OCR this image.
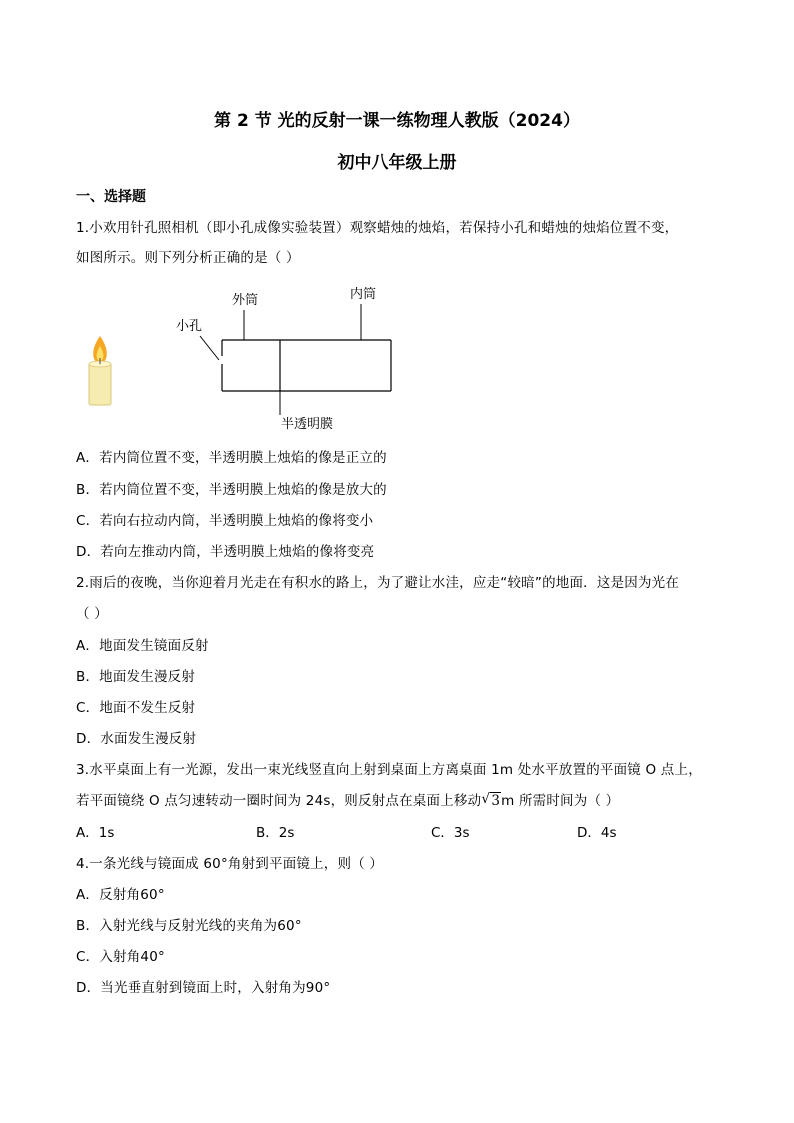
第 2 节 光的反射一课一练物理人教版（2024）
初中八年级上册
一、选择题
1.小欢用针孔照相机（即小孔成像实验装置）观察蜡烛的烛焰，若保持小孔和蜡烛的烛焰位置不变，
如图所示。则下列分析正确的是（ ）
外筒	内筒
小孔
半透明膜
A．若内筒位置不变，半透明膜上烛焰的像是正立的
B．若内筒位置不变，半透明膜上烛焰的像是放大的
C．若向右拉动内筒，半透明膜上烛焰的像将变小
D．若向左推动内筒，半透明膜上烛焰的像将变亮
2.雨后的夜晚，当你迎着月光走在有积水的路上，为了避让水洼，应走“较暗”的地面．这是因为光在
（ ）
A．地面发生镜面反射
B．地面发生漫反射
C．地面不发生反射
D．水面发生漫反射
3.水平桌面上有一光源，发出一束光线竖直向上射到桌面上方离桌面 1m 处水平放置的平面镜 O 点上，
若平面镜绕 O 点匀速转动一圈时间为 24s，则反射点在桌面上移动 √ 3m 所需时间为（ ）
A．1s	B．2s	C．3s	D．4s
4.一条光线与镜面成 60°角射到平面镜上，则（ ）
A．反射角60°
B．入射光线与反射光线的夹角为60°
C．入射角40°
D．当光垂直射到镜面上时，入射角为90°
